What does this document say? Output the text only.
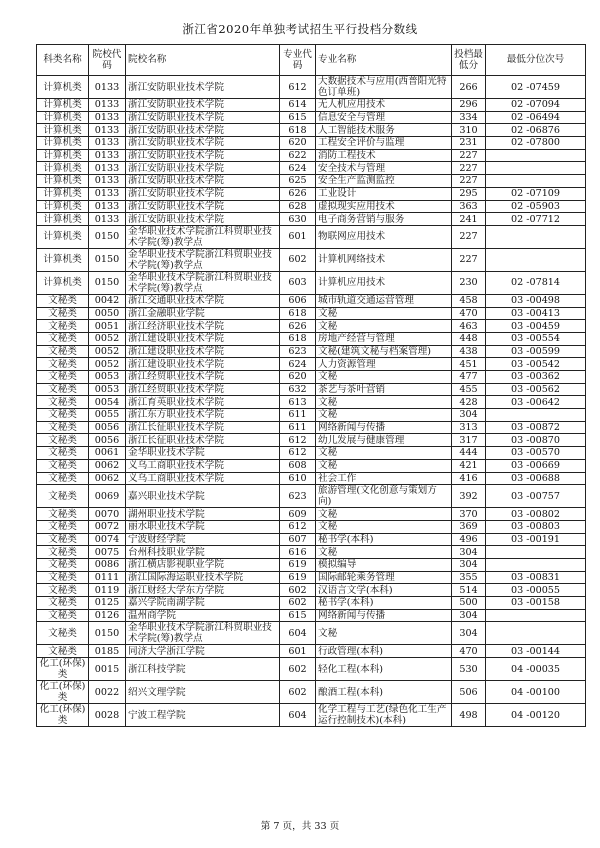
浙江省2020年单独考试招生平行投档分数线
科类名称	院校代码	院校名称	专业代码	专业名称	投档最低分	最低分位次号
计算机类	0133	浙江安防职业技术学院	612	大数据技术与应用(西普阳光特色订单班)	266	02 -07459
计算机类	0133	浙江安防职业技术学院	614	无人机应用技术	296	02 -07094
计算机类	0133	浙江安防职业技术学院	615	信息安全与管理	334	02 -06494
计算机类	0133	浙江安防职业技术学院	618	人工智能技术服务	310	02 -06876
计算机类	0133	浙江安防职业技术学院	620	工程安全评价与监理	231	02 -07800
计算机类	0133	浙江安防职业技术学院	622	消防工程技术	227	
计算机类	0133	浙江安防职业技术学院	624	安全技术与管理	227	
计算机类	0133	浙江安防职业技术学院	625	安全生产监测监控	227	
计算机类	0133	浙江安防职业技术学院	626	工业设计	295	02 -07109
计算机类	0133	浙江安防职业技术学院	628	虚拟现实应用技术	363	02 -05903
计算机类	0133	浙江安防职业技术学院	630	电子商务营销与服务	241	02 -07712
计算机类	0150	金华职业技术学院浙江科贸职业技术学院(筹)教学点	601	物联网应用技术	227	
计算机类	0150	金华职业技术学院浙江科贸职业技术学院(筹)教学点	602	计算机网络技术	227	
计算机类	0150	金华职业技术学院浙江科贸职业技术学院(筹)教学点	603	计算机应用技术	230	02 -07814
文秘类	0042	浙江交通职业技术学院	606	城市轨道交通运营管理	458	03 -00498
文秘类	0050	浙江金融职业学院	618	文秘	470	03 -00413
文秘类	0051	浙江经济职业技术学院	626	文秘	463	03 -00459
文秘类	0052	浙江建设职业技术学院	618	房地产经营与管理	448	03 -00554
文秘类	0052	浙江建设职业技术学院	623	文秘(建筑文秘与档案管理)	438	03 -00599
文秘类	0052	浙江建设职业技术学院	624	人力资源管理	451	03 -00542
文秘类	0053	浙江经贸职业技术学院	620	文秘	477	03 -00362
文秘类	0053	浙江经贸职业技术学院	632	茶艺与茶叶营销	455	03 -00562
文秘类	0054	浙江育英职业技术学院	613	文秘	428	03 -00642
文秘类	0055	浙江东方职业技术学院	611	文秘	304	
文秘类	0056	浙江长征职业技术学院	611	网络新闻与传播	313	03 -00872
文秘类	0056	浙江长征职业技术学院	612	幼儿发展与健康管理	317	03 -00870
文秘类	0061	金华职业技术学院	612	文秘	444	03 -00570
文秘类	0062	义乌工商职业技术学院	608	文秘	421	03 -00669
文秘类	0062	义乌工商职业技术学院	610	社会工作	416	03 -00688
文秘类	0069	嘉兴职业技术学院	623	旅游管理(文化创意与策划方向)	392	03 -00757
文秘类	0070	湖州职业技术学院	609	文秘	370	03 -00802
文秘类	0072	丽水职业技术学院	612	文秘	369	03 -00803
文秘类	0074	宁波财经学院	607	秘书学(本科)	496	03 -00191
文秘类	0075	台州科技职业学院	616	文秘	304	
文秘类	0086	浙江横店影视职业学院	619	模拟编导	304	
文秘类	0111	浙江国际海运职业技术学院	619	国际邮轮乘务管理	355	03 -00831
文秘类	0119	浙江财经大学东方学院	602	汉语言文学(本科)	514	03 -00055
文秘类	0125	嘉兴学院南湖学院	602	秘书学(本科)	500	03 -00158
文秘类	0126	温州商学院	615	网络新闻与传播	304	
文秘类	0150	金华职业技术学院浙江科贸职业技术学院(筹)教学点	604	文秘	304	
文秘类	0185	同济大学浙江学院	601	行政管理(本科)	470	03 -00144
化工(环保)类	0015	浙江科技学院	602	轻化工程(本科)	530	04 -00035
化工(环保)类	0022	绍兴文理学院	602	酿酒工程(本科)	506	04 -00100
化工(环保)类	0028	宁波工程学院	604	化学工程与工艺(绿色化工生产运行控制技术)(本科)	498	04 -00120
第 7 页，共 33 页
